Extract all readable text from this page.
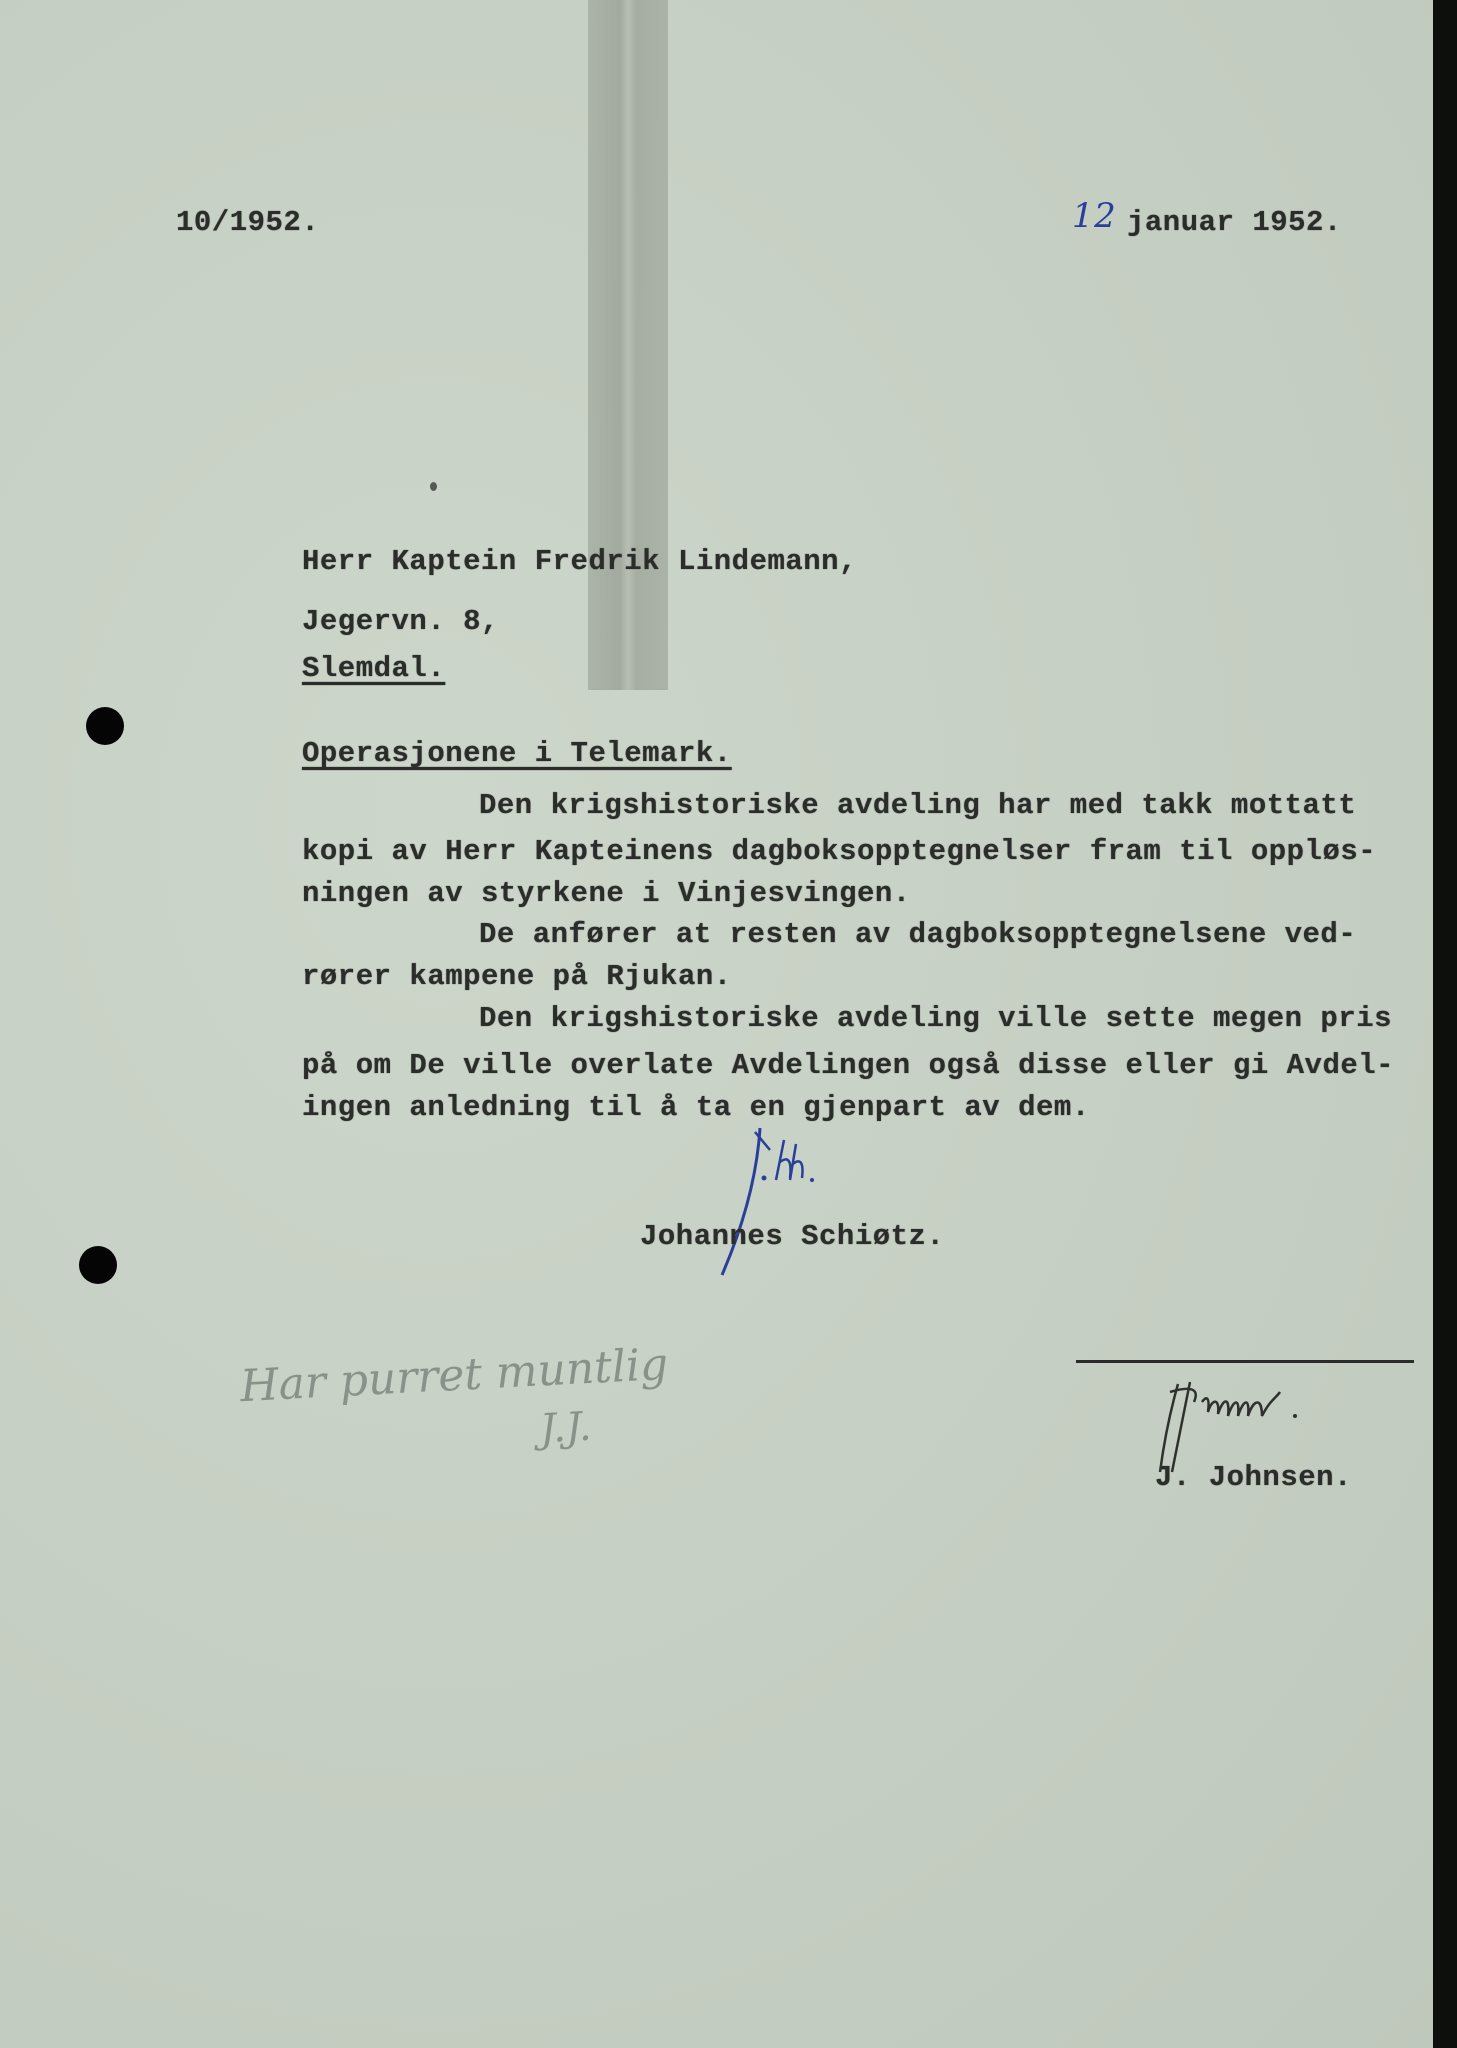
10/1952.	12 januar 1952.
Herr Kaptein Fredrik Lindemann,
Jegervn. 8,
Slemdal.
Operasjonene i Telemark.
Den krigshistoriske avdeling har med takk mottatt
kopi av Herr Kapteinens dagboksopptegnelser fram til oppløs-
ningen av styrkene i Vinjesvingen.
De anfører at resten av dagboksopptegnelsene ved-
rører kampene på Rjukan.
Den krigshistoriske avdeling ville sette megen pris
på om De ville overlate Avdelingen også disse eller gi Avdel-
ingen anledning til å ta en gjenpart av dem.
Johannes Schiøtz.
Har purret muntlig
J.J.
J. Johnsen.
